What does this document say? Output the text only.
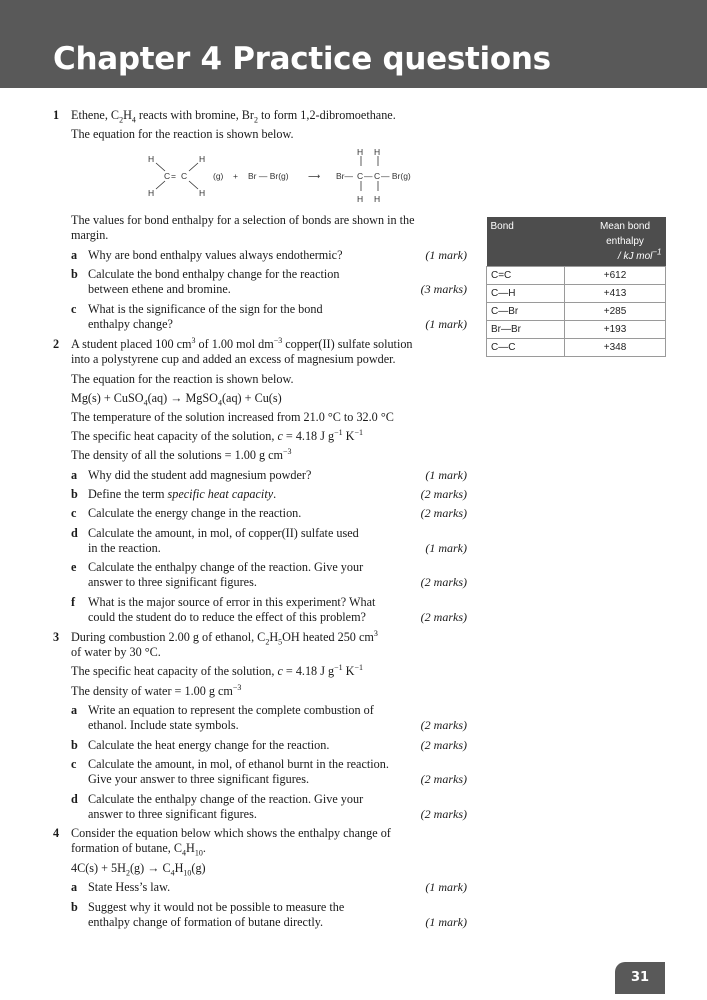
Chapter 4 Practice questions
1 Ethene, $C_2H_4$ reacts with bromine, $Br_2$ to form 1,2-dibromoethane.
The equation for the reaction is shown below.
H	H
C = C
H	H
(g) + Br — Br(g) ⟶
H H
Br— C — C — Br(g)
H H
The values for bond enthalpy for a selection of bonds are shown in the
margin.
a Why are bond enthalpy values always endothermic?	(1 mark)
b Calculate the bond enthalpy change for the reaction
between ethene and bromine.	(3 marks)
c What is the significance of the sign for the bond
enthalpy change?	(1 mark)
Bond	Mean bond enthalpy
/ kJ mol$^{-1}$

C=C	+612
C—H	+413
C—Br	+285
Br—Br	+193
C—C	+348
2 A student placed 100 $cm^3$ of 1.00 mol $dm^{-3}$ copper(II) sulfate solution
into a polystyrene cup and added an excess of magnesium powder.
The equation for the reaction is shown below.
Mg(s) + CuSO$_4$(aq) → MgSO$_4$(aq) + Cu(s)
The temperature of the solution increased from 21.0 °C to 32.0 °C
The specific heat capacity of the solution, c = 4.18 J $g^{-1}$ $K^{-1}$
The density of all the solutions = 1.00 g $cm^{-3}$
a Why did the student add magnesium powder?	(1 mark)
b Define the term specific heat capacity.	(2 marks)
c Calculate the energy change in the reaction.	(2 marks)
d Calculate the amount, in mol, of copper(II) sulfate used
in the reaction.	(1 mark)
e Calculate the enthalpy change of the reaction. Give your
answer to three significant figures.	(2 marks)
f What is the major source of error in this experiment? What
could the student do to reduce the effect of this problem?	(2 marks)
3 During combustion 2.00 g of ethanol, $C_2H_5OH$ heated 250 $cm^3$
of water by 30 °C.
The specific heat capacity of the solution, c = 4.18 J $g^{-1}$ $K^{-1}$
The density of water = 1.00 g $cm^{-3}$
a Write an equation to represent the complete combustion of
ethanol. Include state symbols.	(2 marks)
b Calculate the heat energy change for the reaction.	(2 marks)
c Calculate the amount, in mol, of ethanol burnt in the reaction.
Give your answer to three significant figures.	(2 marks)
d Calculate the enthalpy change of the reaction. Give your
answer to three significant figures.	(2 marks)
4 Consider the equation below which shows the enthalpy change of
formation of butane, $C_4H_{10}$.
$4C(s) + 5H_2(g) \to C_4H_{10}(g)$
a State Hess’s law.	(1 mark)
b Suggest why it would not be possible to measure the
enthalpy change of formation of butane directly.	(1 mark)
31
